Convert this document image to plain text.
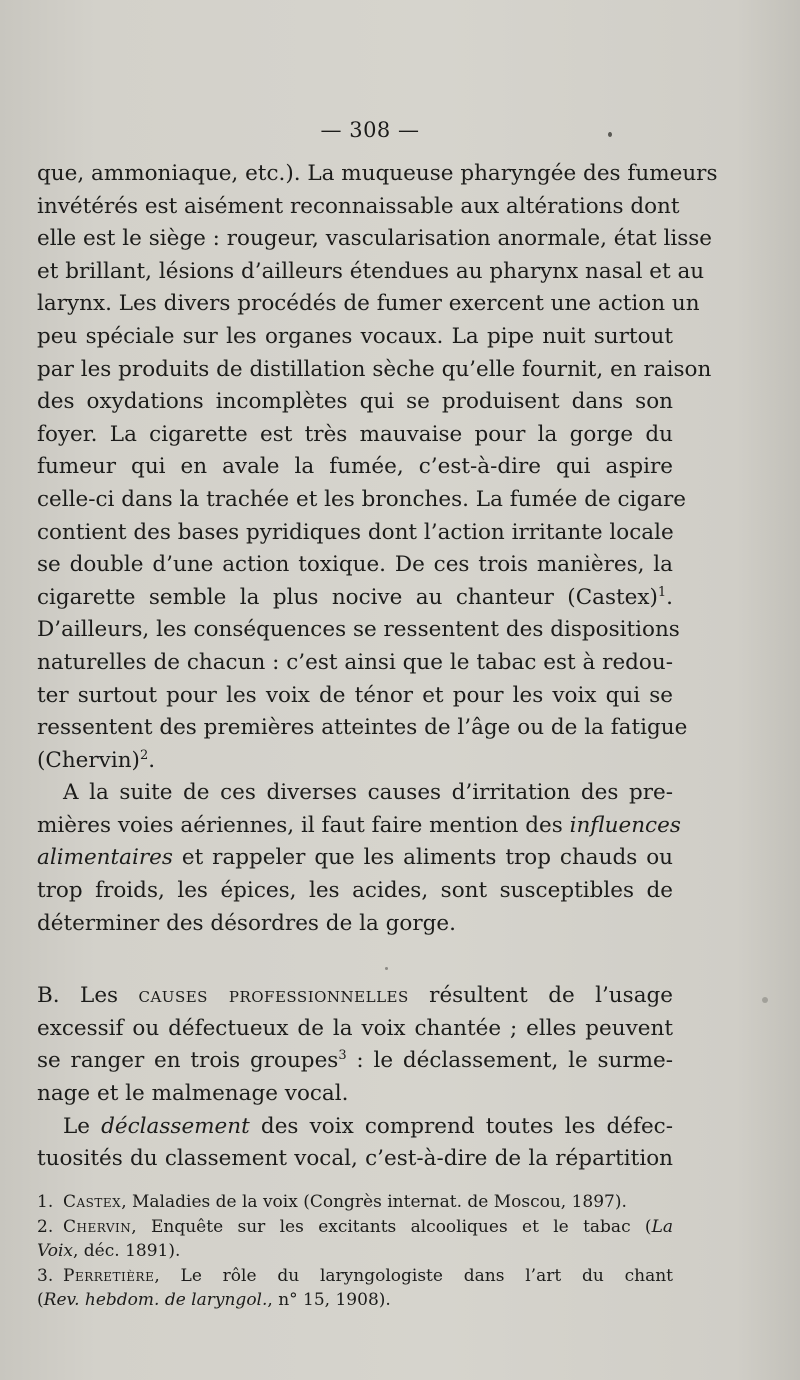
— 308 —
que, ammoniaque, etc.). La muqueuse pharyngée des fumeurs
invétérés est aisément reconnaissable aux altérations dont
elle est le siège : rougeur, vascularisation anormale, état lisse
et brillant, lésions d’ailleurs étendues au pharynx nasal et au
larynx. Les divers procédés de fumer exercent une action un
peu spéciale sur les organes vocaux. La pipe nuit surtout
par les produits de distillation sèche qu’elle fournit, en raison
des oxydations incomplètes qui se produisent dans son
foyer. La cigarette est très mauvaise pour la gorge du
fumeur qui en avale la fumée, c’est-à-dire qui aspire
celle-ci dans la trachée et les bronches. La fumée de cigare
contient des bases pyridiques dont l’action irritante locale
se double d’une action toxique. De ces trois manières, la
cigarette semble la plus nocive au chanteur (Castex)$^1$.
D’ailleurs, les conséquences se ressentent des dispositions
naturelles de chacun : c’est ainsi que le tabac est à redou-
ter surtout pour les voix de ténor et pour les voix qui se
ressentent des premières atteintes de l’âge ou de la fatigue
(Chervin)$^2$.
A la suite de ces diverses causes d’irritation des pre-
mières voies aériennes, il faut faire mention des influences
alimentaires et rappeler que les aliments trop chauds ou
trop froids, les épices, les acides, sont susceptibles de
déterminer des désordres de la gorge.
B. Les causes professionnelles résultent de l’usage
excessif ou défectueux de la voix chantée ; elles peuvent
se ranger en trois groupes$^3$ : le déclassement, le surme-
nage et le malmenage vocal.
Le déclassement des voix comprend toutes les défec-
tuosités du classement vocal, c’est-à-dire de la répartition
1. Castex, Maladies de la voix (Congrès internat. de Moscou, 1897).
2. Chervin, Enquête sur les excitants alcooliques et le tabac (La
Voix, déc. 1891).
3. Perretière, Le rôle du laryngologiste dans l’art du chant
(Rev. hebdom. de laryngol., n° 15, 1908).
